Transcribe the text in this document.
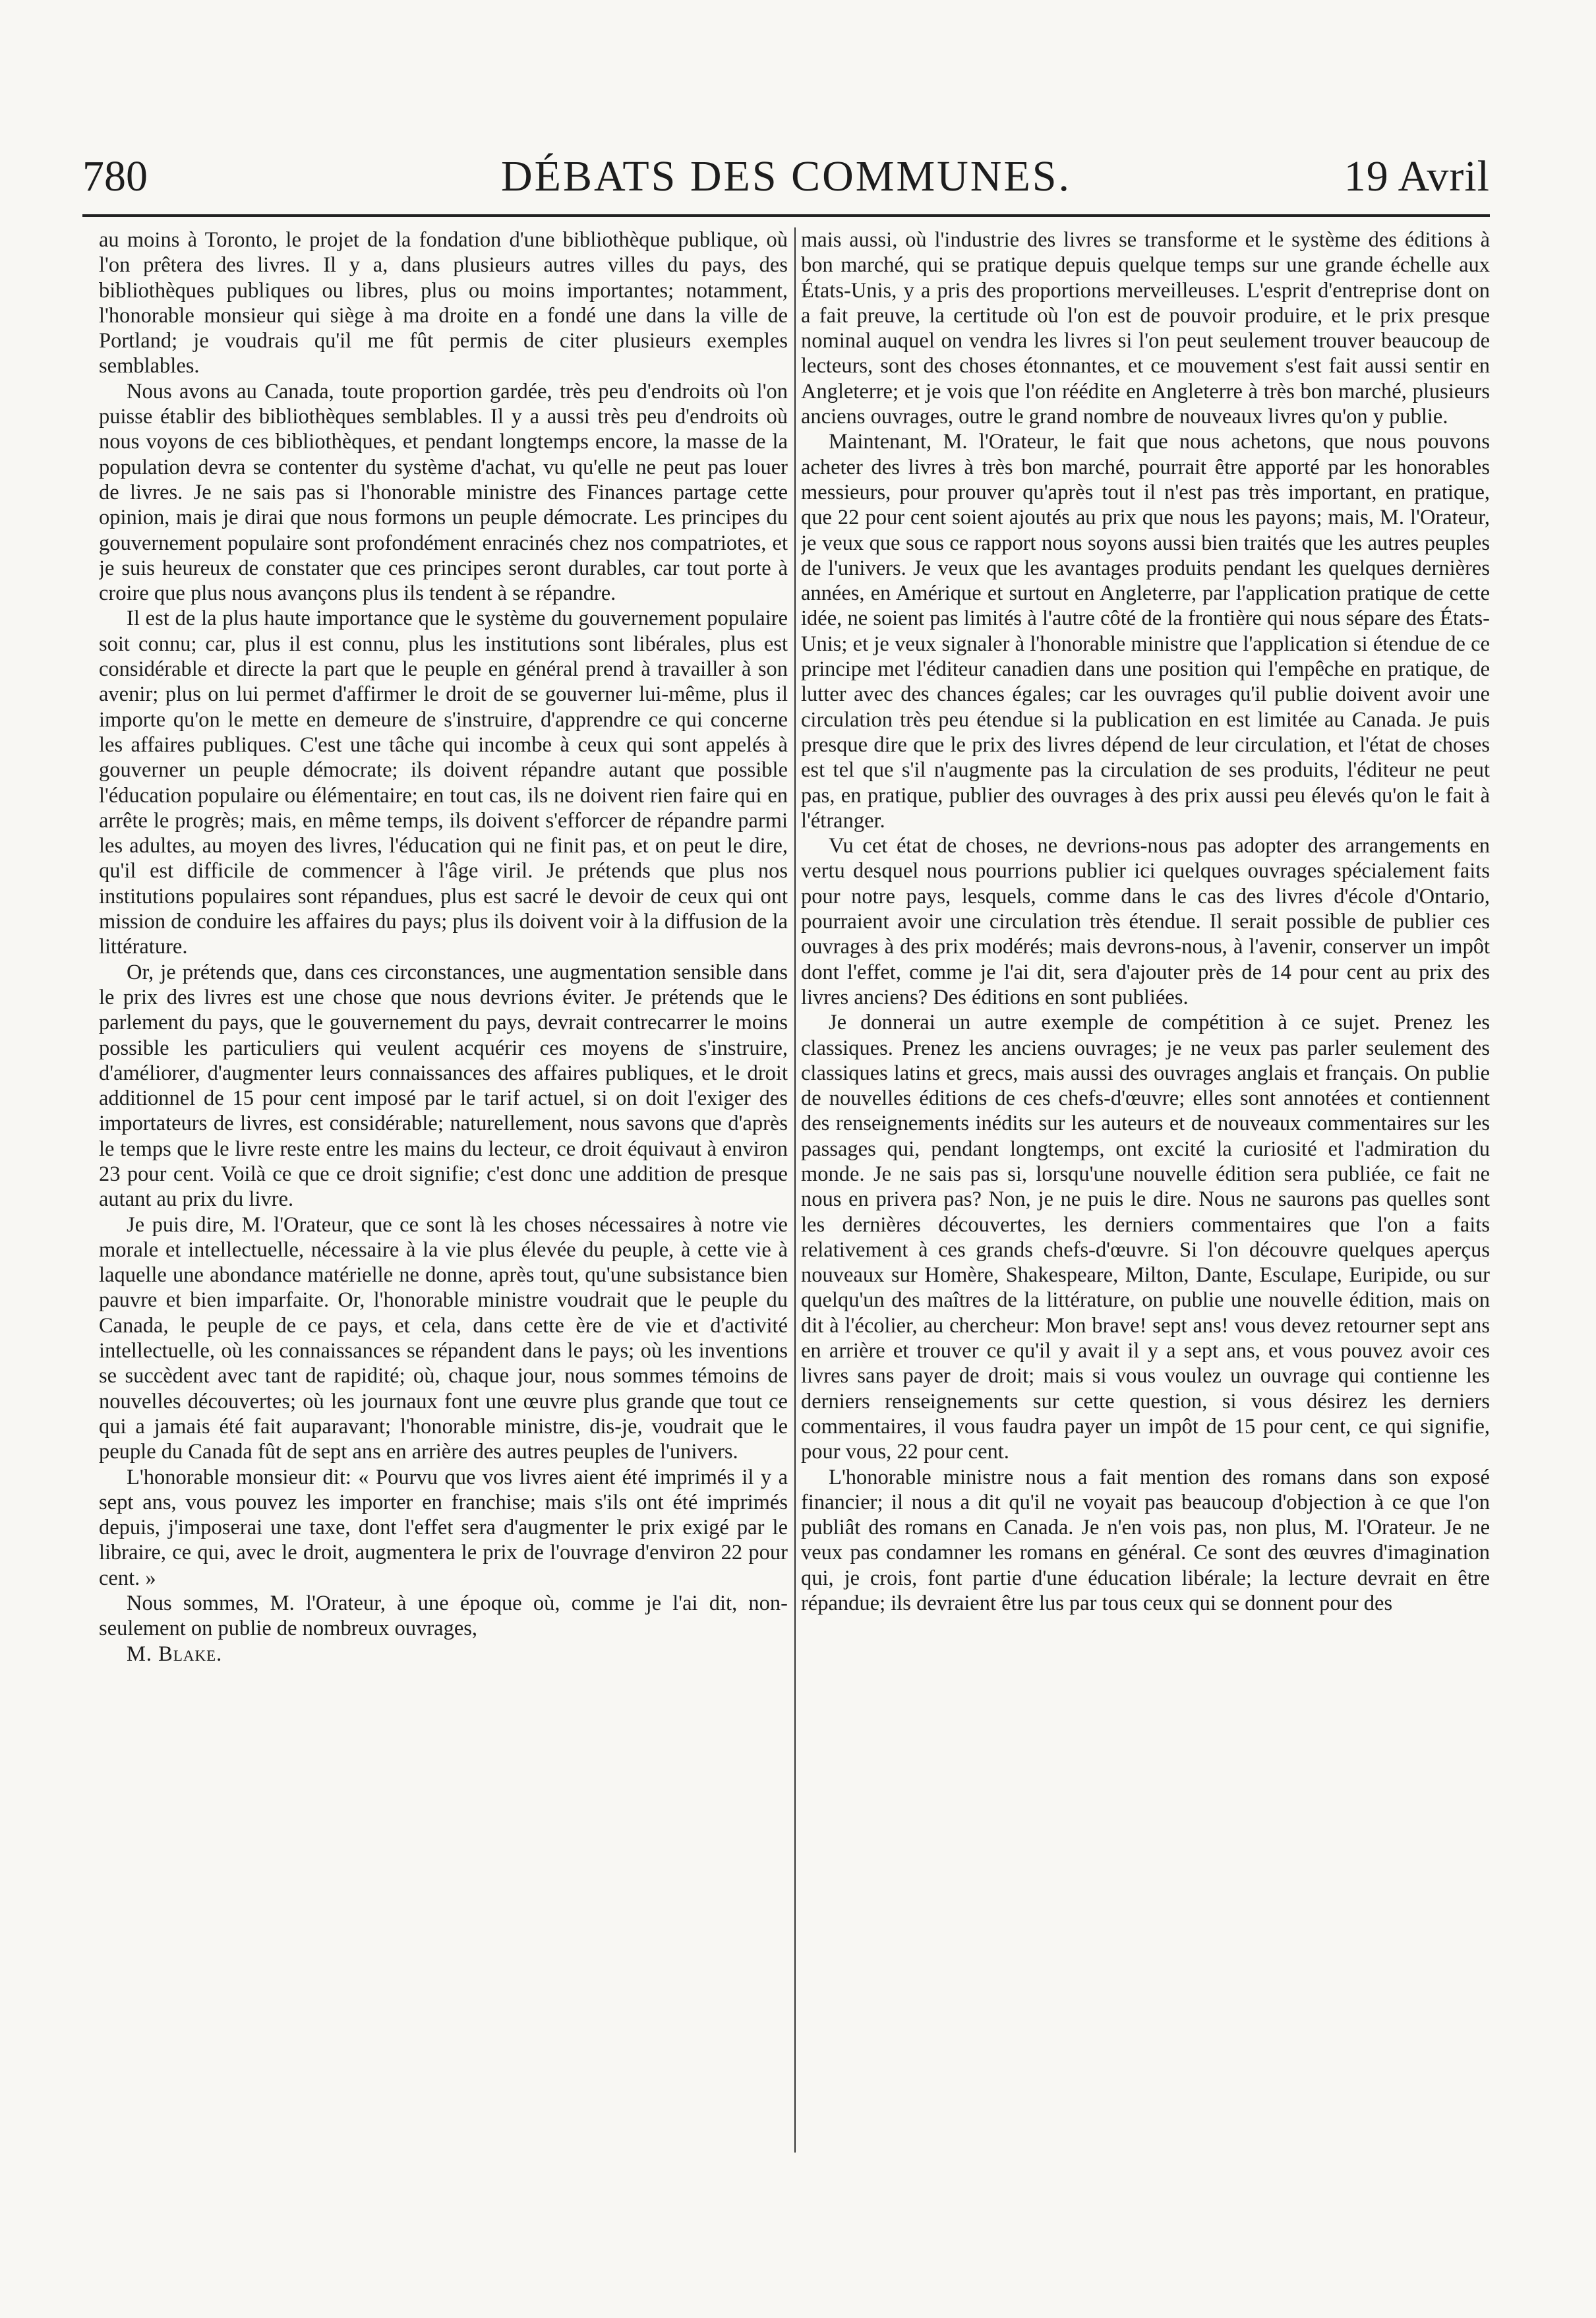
780	DÉBATS DES COMMUNES.	19 Avril

au moins à Toronto, le projet de la fondation d'une bibliothèque publique, où l'on prêtera des livres. Il y a, dans plusieurs autres villes du pays, des bibliothèques publiques ou libres, plus ou moins importantes; notamment, l'honorable monsieur qui siège à ma droite en a fondé une dans la ville de Portland; je voudrais qu'il me fût permis de citer plusieurs exemples semblables.

Nous avons au Canada, toute proportion gardée, très peu d'endroits où l'on puisse établir des bibliothèques semblables. Il y a aussi très peu d'endroits où nous voyons de ces bibliothèques, et pendant longtemps encore, la masse de la population devra se contenter du système d'achat, vu qu'elle ne peut pas louer de livres. Je ne sais pas si l'honorable ministre des Finances partage cette opinion, mais je dirai que nous formons un peuple démocrate. Les principes du gouvernement populaire sont profondément enracinés chez nos compatriotes, et je suis heureux de constater que ces principes seront durables, car tout porte à croire que plus nous avançons plus ils tendent à se répandre.

Il est de la plus haute importance que le système du gouvernement populaire soit connu; car, plus il est connu, plus les institutions sont libérales, plus est considérable et directe la part que le peuple en général prend à travailler à son avenir; plus on lui permet d'affirmer le droit de se gouverner lui-même, plus il importe qu'on le mette en demeure de s'instruire, d'apprendre ce qui concerne les affaires publiques. C'est une tâche qui incombe à ceux qui sont appelés à gouverner un peuple démocrate; ils doivent répandre autant que possible l'éducation populaire ou élémentaire; en tout cas, ils ne doivent rien faire qui en arrête le progrès; mais, en même temps, ils doivent s'efforcer de répandre parmi les adultes, au moyen des livres, l'éducation qui ne finit pas, et on peut le dire, qu'il est difficile de commencer à l'âge viril. Je prétends que plus nos institutions populaires sont répandues, plus est sacré le devoir de ceux qui ont mission de conduire les affaires du pays; plus ils doivent voir à la diffusion de la littérature.

Or, je prétends que, dans ces circonstances, une augmentation sensible dans le prix des livres est une chose que nous devrions éviter. Je prétends que le parlement du pays, que le gouvernement du pays, devrait contrecarrer le moins possible les particuliers qui veulent acquérir ces moyens de s'instruire, d'améliorer, d'augmenter leurs connaissances des affaires publiques, et le droit additionnel de 15 pour cent imposé par le tarif actuel, si on doit l'exiger des importateurs de livres, est considérable; naturellement, nous savons que d'après le temps que le livre reste entre les mains du lecteur, ce droit équivaut à environ 23 pour cent. Voilà ce que ce droit signifie; c'est donc une addition de presque autant au prix du livre.

Je puis dire, M. l'Orateur, que ce sont là les choses nécessaires à notre vie morale et intellectuelle, nécessaire à la vie plus élevée du peuple, à cette vie à laquelle une abondance matérielle ne donne, après tout, qu'une subsistance bien pauvre et bien imparfaite. Or, l'honorable ministre voudrait que le peuple du Canada, le peuple de ce pays, et cela, dans cette ère de vie et d'activité intellectuelle, où les connaissances se répandent dans le pays; où les inventions se succèdent avec tant de rapidité; où, chaque jour, nous sommes témoins de nouvelles découvertes; où les journaux font une œuvre plus grande que tout ce qui a jamais été fait auparavant; l'honorable ministre, dis-je, voudrait que le peuple du Canada fût de sept ans en arrière des autres peuples de l'univers.

L'honorable monsieur dit: « Pourvu que vos livres aient été imprimés il y a sept ans, vous pouvez les importer en franchise; mais s'ils ont été imprimés depuis, j'imposerai une taxe, dont l'effet sera d'augmenter le prix exigé par le libraire, ce qui, avec le droit, augmentera le prix de l'ouvrage d'environ 22 pour cent. »

Nous sommes, M. l'Orateur, à une époque où, comme je l'ai dit, non-seulement on publie de nombreux ouvrages,

M. Blake.

mais aussi, où l'industrie des livres se transforme et le système des éditions à bon marché, qui se pratique depuis quelque temps sur une grande échelle aux États-Unis, y a pris des proportions merveilleuses. L'esprit d'entreprise dont on a fait preuve, la certitude où l'on est de pouvoir produire, et le prix presque nominal auquel on vendra les livres si l'on peut seulement trouver beaucoup de lecteurs, sont des choses étonnantes, et ce mouvement s'est fait aussi sentir en Angleterre; et je vois que l'on réédite en Angleterre à très bon marché, plusieurs anciens ouvrages, outre le grand nombre de nouveaux livres qu'on y publie.

Maintenant, M. l'Orateur, le fait que nous achetons, que nous pouvons acheter des livres à très bon marché, pourrait être apporté par les honorables messieurs, pour prouver qu'après tout il n'est pas très important, en pratique, que 22 pour cent soient ajoutés au prix que nous les payons; mais, M. l'Orateur, je veux que sous ce rapport nous soyons aussi bien traités que les autres peuples de l'univers. Je veux que les avantages produits pendant les quelques dernières années, en Amérique et surtout en Angleterre, par l'application pratique de cette idée, ne soient pas limités à l'autre côté de la frontière qui nous sépare des États-Unis; et je veux signaler à l'honorable ministre que l'application si étendue de ce principe met l'éditeur canadien dans une position qui l'empêche en pratique, de lutter avec des chances égales; car les ouvrages qu'il publie doivent avoir une circulation très peu étendue si la publication en est limitée au Canada. Je puis presque dire que le prix des livres dépend de leur circulation, et l'état de choses est tel que s'il n'augmente pas la circulation de ses produits, l'éditeur ne peut pas, en pratique, publier des ouvrages à des prix aussi peu élevés qu'on le fait à l'étranger.

Vu cet état de choses, ne devrions-nous pas adopter des arrangements en vertu desquel nous pourrions publier ici quelques ouvrages spécialement faits pour notre pays, lesquels, comme dans le cas des livres d'école d'Ontario, pourraient avoir une circulation très étendue. Il serait possible de publier ces ouvrages à des prix modérés; mais devrons-nous, à l'avenir, conserver un impôt dont l'effet, comme je l'ai dit, sera d'ajouter près de 14 pour cent au prix des livres anciens? Des éditions en sont publiées.

Je donnerai un autre exemple de compétition à ce sujet. Prenez les classiques. Prenez les anciens ouvrages; je ne veux pas parler seulement des classiques latins et grecs, mais aussi des ouvrages anglais et français. On publie de nouvelles éditions de ces chefs-d'œuvre; elles sont annotées et contiennent des renseignements inédits sur les auteurs et de nouveaux commentaires sur les passages qui, pendant longtemps, ont excité la curiosité et l'admiration du monde. Je ne sais pas si, lorsqu'une nouvelle édition sera publiée, ce fait ne nous en privera pas? Non, je ne puis le dire. Nous ne saurons pas quelles sont les dernières découvertes, les derniers commentaires que l'on a faits relativement à ces grands chefs-d'œuvre. Si l'on découvre quelques aperçus nouveaux sur Homère, Shakespeare, Milton, Dante, Esculape, Euripide, ou sur quelqu'un des maîtres de la littérature, on publie une nouvelle édition, mais on dit à l'écolier, au chercheur: Mon brave! sept ans! vous devez retourner sept ans en arrière et trouver ce qu'il y avait il y a sept ans, et vous pouvez avoir ces livres sans payer de droit; mais si vous voulez un ouvrage qui contienne les derniers renseignements sur cette question, si vous désirez les derniers commentaires, il vous faudra payer un impôt de 15 pour cent, ce qui signifie, pour vous, 22 pour cent.

L'honorable ministre nous a fait mention des romans dans son exposé financier; il nous a dit qu'il ne voyait pas beaucoup d'objection à ce que l'on publiât des romans en Canada. Je n'en vois pas, non plus, M. l'Orateur. Je ne veux pas condamner les romans en général. Ce sont des œuvres d'imagination qui, je crois, font partie d'une éducation libérale; la lecture devrait en être répandue; ils devraient être lus par tous ceux qui se donnent pour des
